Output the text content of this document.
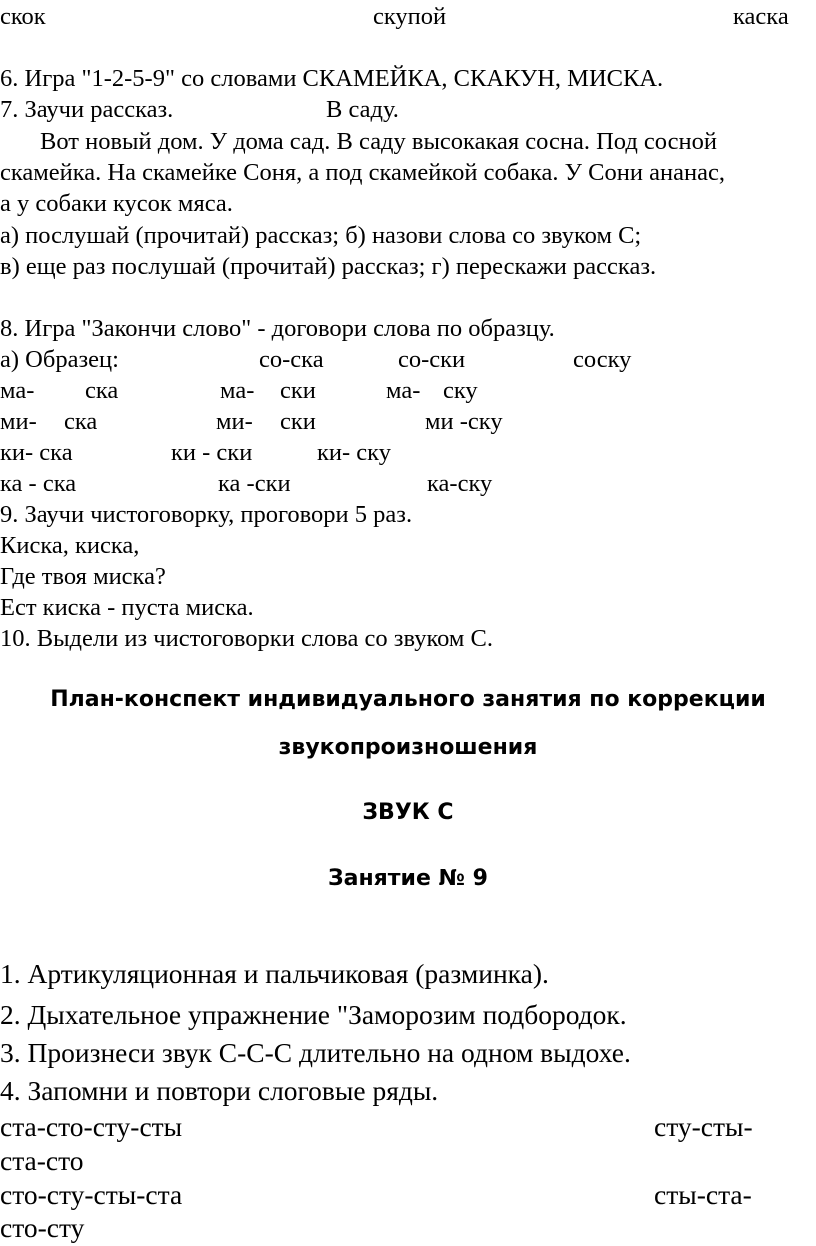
скок	скупой	каска
6. Игра "1-2-5-9" со словами СКАМЕЙКА, СКАКУН, МИСКА.
7. Заучи рассказ.	В саду.
Вот новый дом. У дома сад. В саду высокакая сосна. Под сосной
скамейка. На скамейке Соня, а под скамейкой собака. У Сони ананас,
а у собаки кусок мяса.
а) послушай (прочитай) рассказ; б) назови слова со звуком С;
в) еще раз послушай (прочитай) рассказ; г) перескажи рассказ.
8. Игра "Закончи слово" - договори слова по образцу.
а) Образец:	со-ска	со-ски	соску
ма- ска	ма- ски	ма- ску
ми- ска	ми- ски	ми -ску
ки- ска	ки - ски	ки- ску
ка - ска	ка -ски	ка-ску
9. Заучи чистоговорку, проговори 5 раз.
Киска, киска,
Где твоя миска?
Ест киска - пуста миска.
10. Выдели из чистоговорки слова со звуком С.
План-конспект индивидуального занятия по коррекции
звукопроизношения
ЗВУК С
Занятие № 9
1. Артикуляционная и пальчиковая (разминка).
2. Дыхательное упражнение "Заморозим подбородок.
3. Произнеси звук С-С-С длительно на одном выдохе.
4. Запомни и повтори слоговые ряды.
ста-сто-сту-сты	сту-сты-
ста-сто
сто-сту-сты-ста	сты-ста-
сто-сту
